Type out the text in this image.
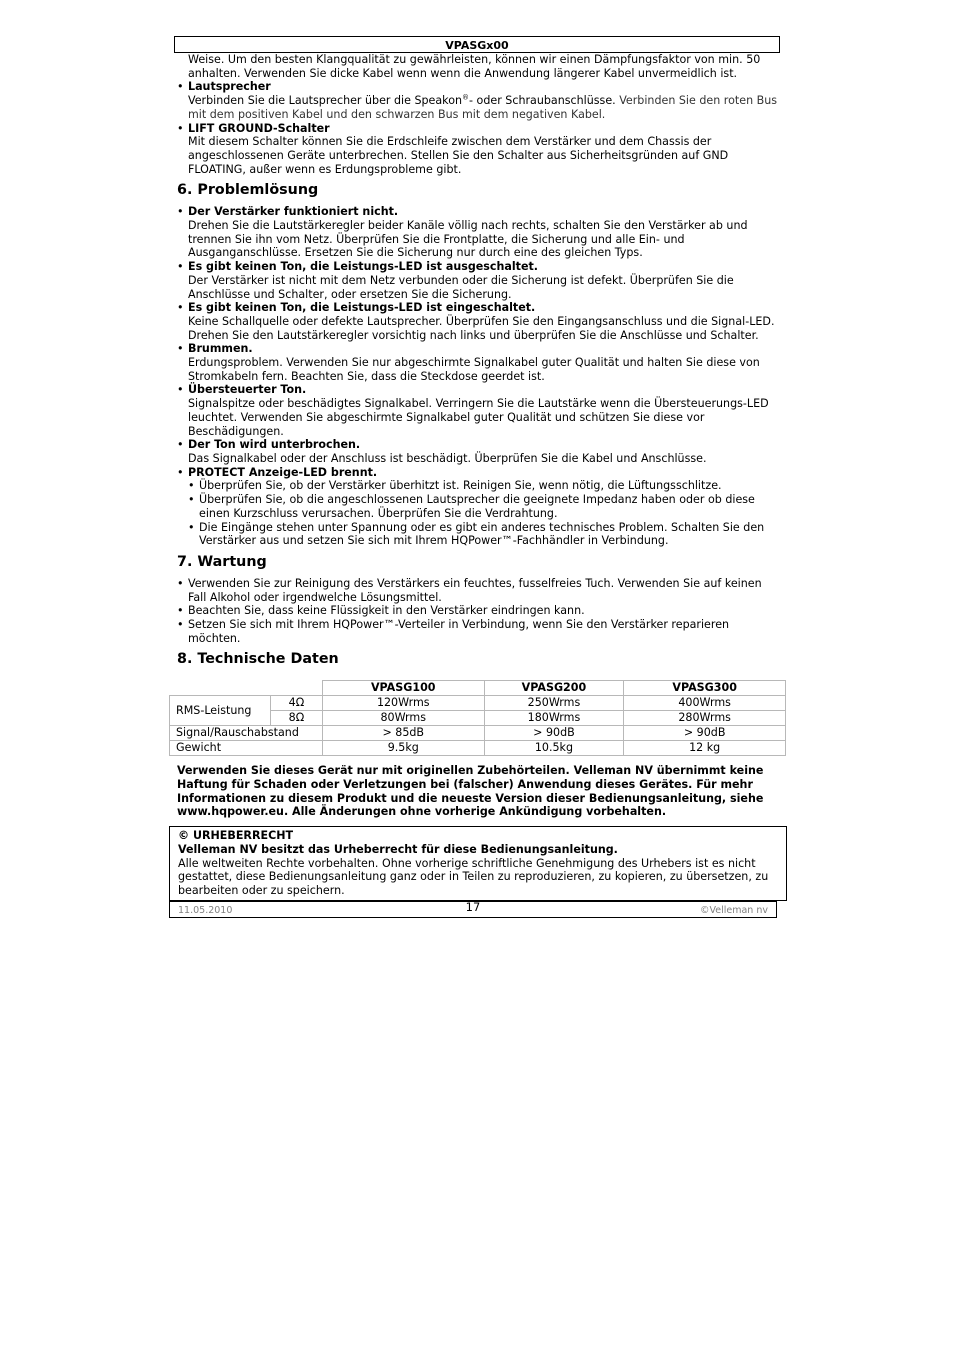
VPASGx00

Weise. Um den besten Klangqualität zu gewährleisten, können wir einen Dämpfungsfaktor von min. 50 anhalten. Verwenden Sie dicke Kabel wenn wenn die Anwendung längerer Kabel unvermeidlich ist.

• Lautsprecher
Verbinden Sie die Lautsprecher über die Speakon®- oder Schraubanschlüsse. Verbinden Sie den roten Bus mit dem positiven Kabel und den schwarzen Bus mit dem negativen Kabel.
• LIFT GROUND-Schalter
Mit diesem Schalter können Sie die Erdschleife zwischen dem Verstärker und dem Chassis der angeschlossenen Geräte unterbrechen. Stellen Sie den Schalter aus Sicherheitsgründen auf GND FLOATING, außer wenn es Erdungsprobleme gibt.
6. Problemlösung
• Der Verstärker funktioniert nicht.
Drehen Sie die Lautstärkeregler beider Kanäle völlig nach rechts, schalten Sie den Verstärker ab und trennen Sie ihn vom Netz. Überprüfen Sie die Frontplatte, die Sicherung und alle Ein- und Ausganganschlüsse. Ersetzen Sie die Sicherung nur durch eine des gleichen Typs.
• Es gibt keinen Ton, die Leistungs-LED ist ausgeschaltet.
Der Verstärker ist nicht mit dem Netz verbunden oder die Sicherung ist defekt. Überprüfen Sie die Anschlüsse und Schalter, oder ersetzen Sie die Sicherung.
• Es gibt keinen Ton, die Leistungs-LED ist eingeschaltet.
Keine Schallquelle oder defekte Lautsprecher. Überprüfen Sie den Eingangsanschluss und die Signal-LED. Drehen Sie den Lautstärkeregler vorsichtig nach links und überprüfen Sie die Anschlüsse und Schalter.
• Brummen.
Erdungsproblem. Verwenden Sie nur abgeschirmte Signalkabel guter Qualität und halten Sie diese von Stromkabeln fern. Beachten Sie, dass die Steckdose geerdet ist.
• Übersteuerter Ton.
Signalspitze oder beschädigtes Signalkabel. Verringern Sie die Lautstärke wenn die Übersteuerungs-LED leuchtet. Verwenden Sie abgeschirmte Signalkabel guter Qualität und schützen Sie diese vor Beschädigungen.
• Der Ton wird unterbrochen.
Das Signalkabel oder der Anschluss ist beschädigt. Überprüfen Sie die Kabel und Anschlüsse.
• PROTECT Anzeige-LED brennt.
• Überprüfen Sie, ob der Verstärker überhitzt ist. Reinigen Sie, wenn nötig, die Lüftungsschlitze.
• Überprüfen Sie, ob die angeschlossenen Lautsprecher die geeignete Impedanz haben oder ob diese einen Kurzschluss verursachen. Überprüfen Sie die Verdrahtung.
• Die Eingänge stehen unter Spannung oder es gibt ein anderes technisches Problem. Schalten Sie den Verstärker aus und setzen Sie sich mit Ihrem HQPower™-Fachhändler in Verbindung.
7. Wartung
• Verwenden Sie zur Reinigung des Verstärkers ein feuchtes, fusselfreies Tuch. Verwenden Sie auf keinen Fall Alkohol oder irgendwelche Lösungsmittel.
• Beachten Sie, dass keine Flüssigkeit in den Verstärker eindringen kann.
• Setzen Sie sich mit Ihrem HQPower™-Verteiler in Verbindung, wenn Sie den Verstärker reparieren möchten.
8. Technische Daten
		VPASG100	VPASG200	VPASG300
RMS-Leistung	4Ω	120Wrms	250Wrms	400Wrms
	8Ω	80Wrms	180Wrms	280Wrms
Signal/Rauschabstand		> 85dB	> 90dB	> 90dB
Gewicht		9.5kg	10.5kg	12 kg
Verwenden Sie dieses Gerät nur mit originellen Zubehörteilen. Velleman NV übernimmt keine Haftung für Schaden oder Verletzungen bei (falscher) Anwendung dieses Gerätes. Für mehr Informationen zu diesem Produkt und die neueste Version dieser Bedienungsanleitung, siehe www.hqpower.eu. Alle Änderungen ohne vorherige Ankündigung vorbehalten.
© URHEBERRECHT
Velleman NV besitzt das Urheberrecht für diese Bedienungsanleitung.
Alle weltweiten Rechte vorbehalten. Ohne vorherige schriftliche Genehmigung des Urhebers ist es nicht gestattet, diese Bedienungsanleitung ganz oder in Teilen zu reproduzieren, zu kopieren, zu übersetzen, zu bearbeiten oder zu speichern.
11.05.2010	17	©Velleman nv
